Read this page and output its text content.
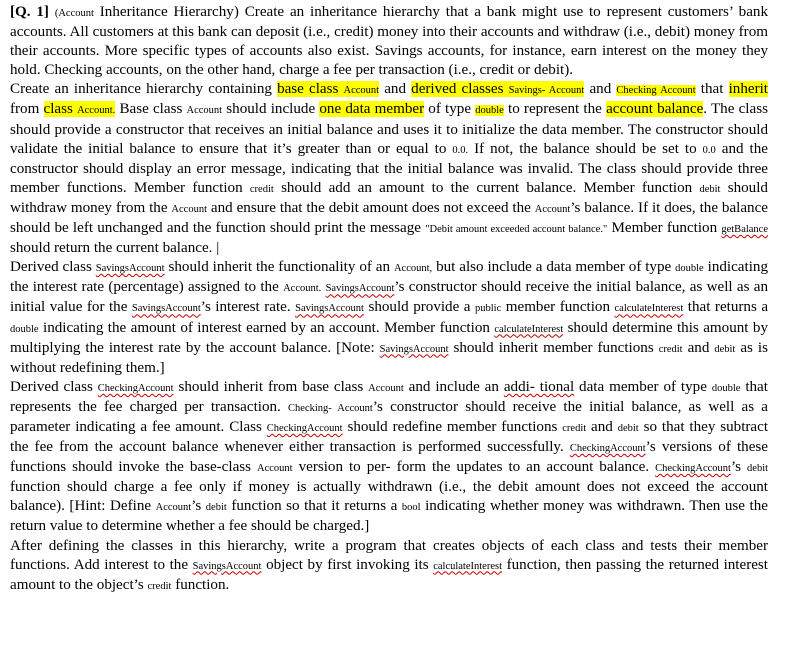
[Q. 1] (Account Inheritance Hierarchy) Create an inheritance hierarchy that a bank might use to represent customers’ bank accounts. All customers at this bank can deposit (i.e., credit) money into their accounts and withdraw (i.e., debit) money from their accounts. More specific types of accounts also exist. Savings accounts, for instance, earn interest on the money they hold. Checking accounts, on the other hand, charge a fee per transaction (i.e., credit or debit).

Create an inheritance hierarchy containing base class Account and derived classes Savings- Account and Checking Account that inherit from class Account. Base class Account should include one data member of type double to represent the account balance. The class should provide a constructor that receives an initial balance and uses it to initialize the data member. The constructor should validate the initial balance to ensure that it’s greater than or equal to 0.0. If not, the balance should be set to 0.0 and the constructor should display an error message, indicating that the initial balance was invalid. The class should provide three member functions. Member function credit should add an amount to the current balance. Member function debit should withdraw money from the Account and ensure that the debit amount does not exceed the Account’s balance. If it does, the balance should be left unchanged and the function should print the message "Debit amount exceeded account balance." Member function getBalance should return the current balance. |

Derived class SavingsAccount should inherit the functionality of an Account, but also include a data member of type double indicating the interest rate (percentage) assigned to the Account. SavingsAccount’s constructor should receive the initial balance, as well as an initial value for the SavingsAccount’s interest rate. SavingsAccount should provide a public member function calculateInterest that returns a double indicating the amount of interest earned by an account. Member function calculateInterest should determine this amount by multiplying the interest rate by the account balance. [Note: SavingsAccount should inherit member functions credit and debit as is without redefining them.]

Derived class CheckingAccount should inherit from base class Account and include an addi- tional data member of type double that represents the fee charged per transaction. Checking- Account’s constructor should receive the initial balance, as well as a parameter indicating a fee amount. Class CheckingAccount should redefine member functions credit and debit so that they subtract the fee from the account balance whenever either transaction is performed successfully. CheckingAccount’s versions of these functions should invoke the base-class Account version to per- form the updates to an account balance. CheckingAccount’s debit function should charge a fee only if money is actually withdrawn (i.e., the debit amount does not exceed the account balance). [Hint: Define Account’s debit function so that it returns a bool indicating whether money was withdrawn. Then use the return value to determine whether a fee should be charged.]

After defining the classes in this hierarchy, write a program that creates objects of each class and tests their member functions. Add interest to the SavingsAccount object by first invoking its calculateInterest function, then passing the returned interest amount to the object’s credit function.
